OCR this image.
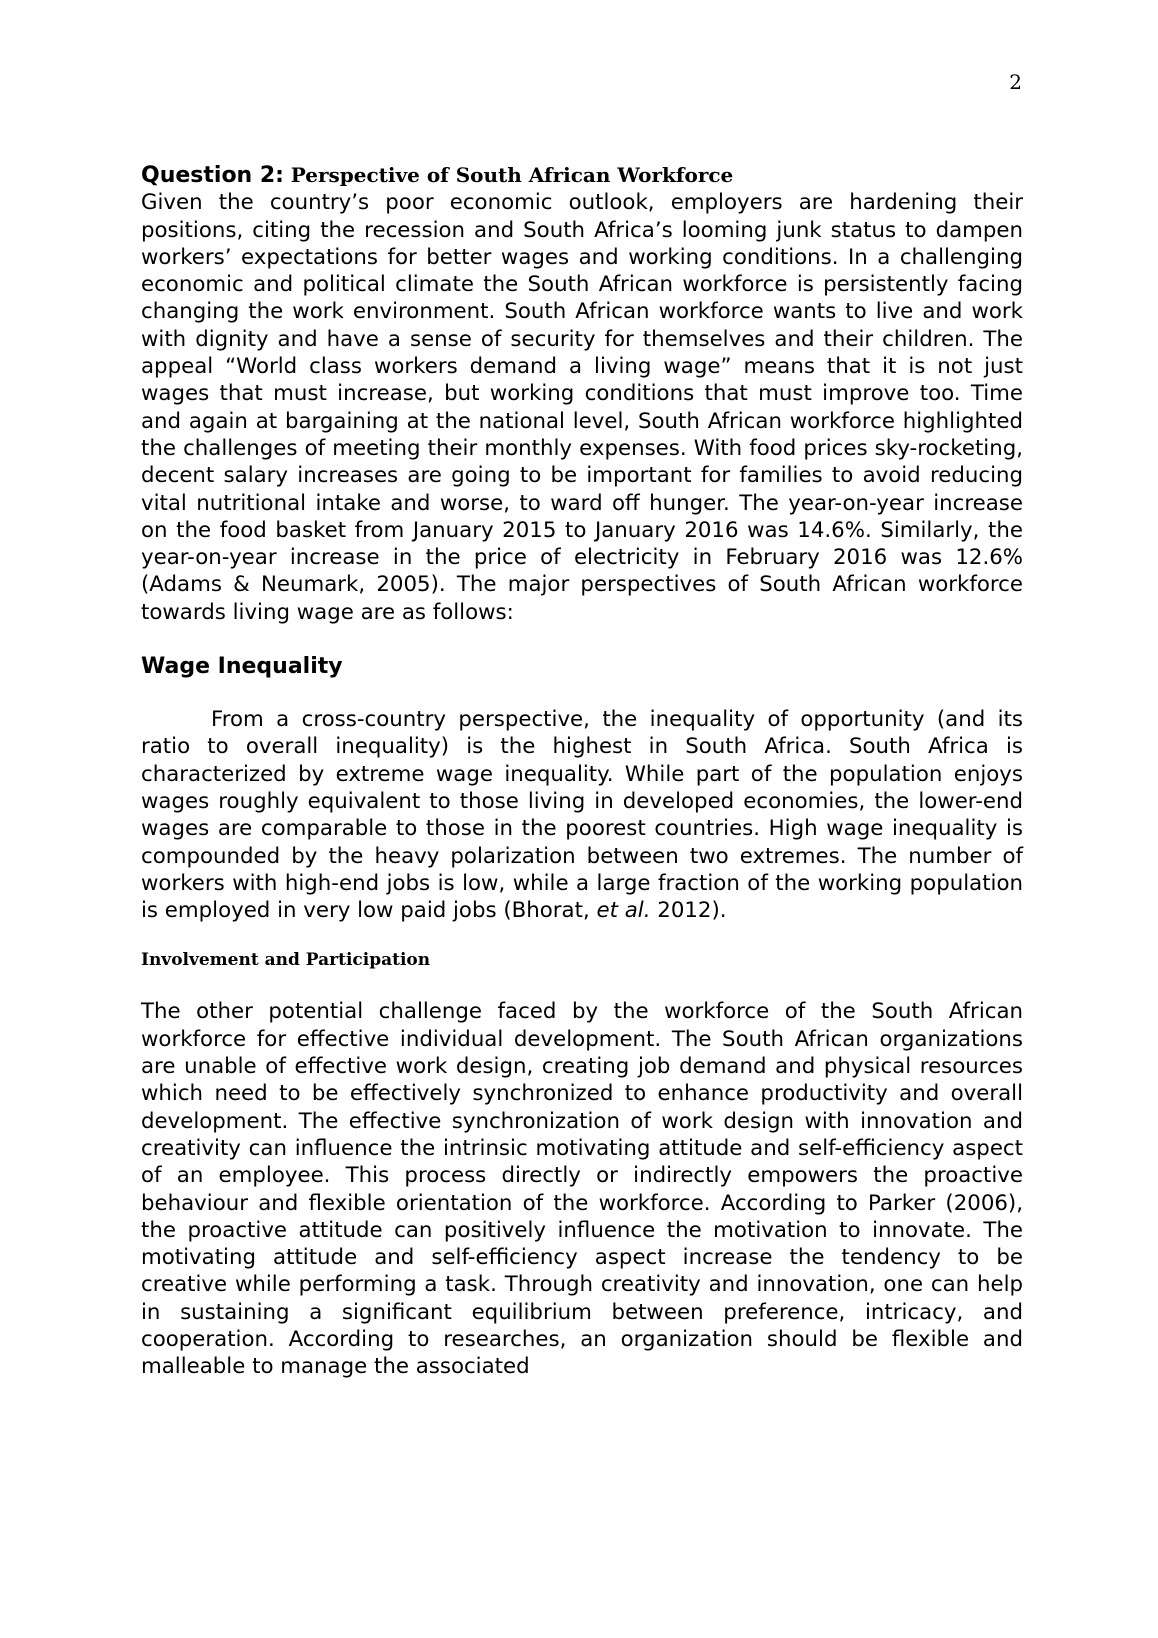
2
Question 2: Perspective of South African Workforce

Given the country’s poor economic outlook, employers are hardening their positions, citing the recession and South Africa’s looming junk status to dampen workers’ expectations for better wages and working conditions. In a challenging economic and political climate the South African workforce is persistently facing changing the work environment. South African workforce wants to live and work with dignity and have a sense of security for themselves and their children. The appeal “World class workers demand a living wage” means that it is not just wages that must increase, but working conditions that must improve too. Time and again at bargaining at the national level, South African workforce highlighted the challenges of meeting their monthly expenses. With food prices sky-rocketing, decent salary increases are going to be important for families to avoid reducing vital nutritional intake and worse, to ward off hunger. The year-on-year increase on the food basket from January 2015 to January 2016 was 14.6%. Similarly, the year-on-year increase in the price of electricity in February 2016 was 12.6% (Adams & Neumark, 2005). The major perspectives of South African workforce towards living wage are as follows:

Wage Inequality

From a cross-country perspective, the inequality of opportunity (and its ratio to overall inequality) is the highest in South Africa. South Africa is characterized by extreme wage inequality. While part of the population enjoys wages roughly equivalent to those living in developed economies, the lower-end wages are comparable to those in the poorest countries. High wage inequality is compounded by the heavy polarization between two extremes. The number of workers with high-end jobs is low, while a large fraction of the working population is employed in very low paid jobs (Bhorat, et al. 2012).

Involvement and Participation

The other potential challenge faced by the workforce of the South African workforce for effective individual development. The South African organizations are unable of effective work design, creating job demand and physical resources which need to be effectively synchronized to enhance productivity and overall development. The effective synchronization of work design with innovation and creativity can influence the intrinsic motivating attitude and self-efficiency aspect of an employee. This process directly or indirectly empowers the proactive behaviour and flexible orientation of the workforce. According to Parker (2006), the proactive attitude can positively influence the motivation to innovate. The motivating attitude and self-efficiency aspect increase the tendency to be creative while performing a task. Through creativity and innovation, one can help in sustaining a significant equilibrium between preference, intricacy, and cooperation. According to researches, an organization should be flexible and malleable to manage the associated
